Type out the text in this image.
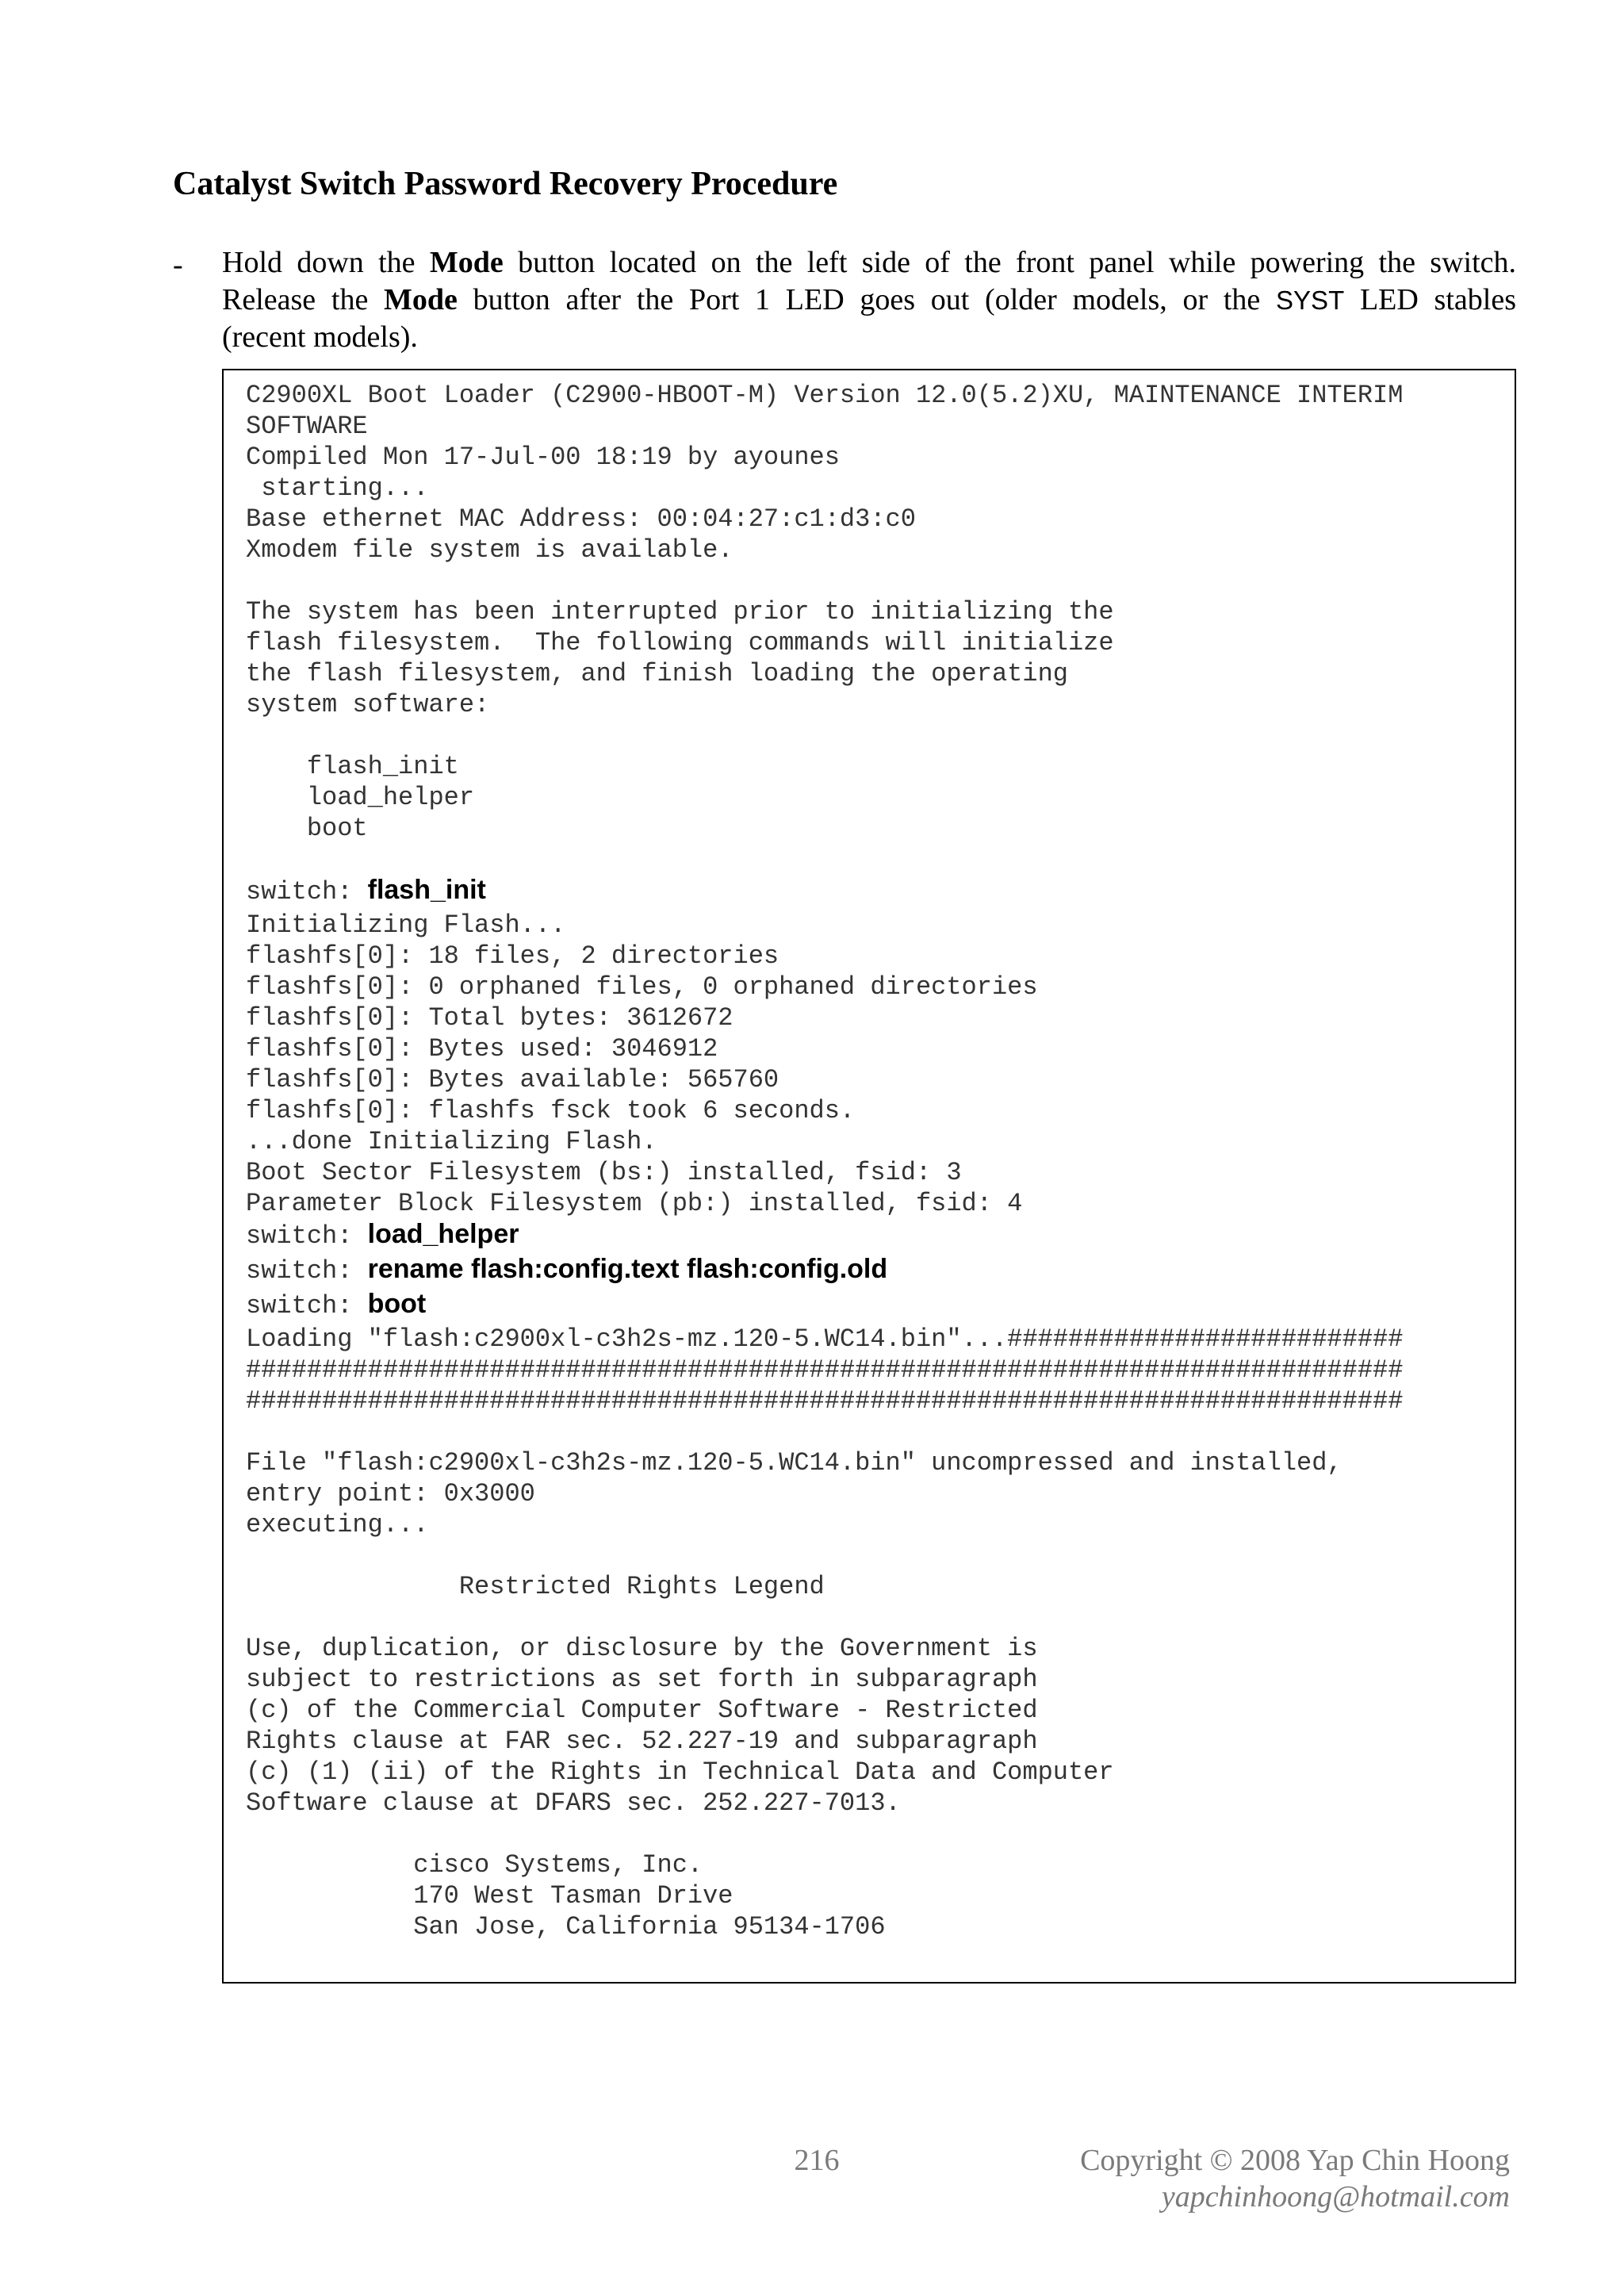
Catalyst Switch Password Recovery Procedure
- Hold down the Mode button located on the left side of the front panel while powering the switch.
Release the Mode button after the Port 1 LED goes out (older models, or the SYST LED stables
(recent models).
C2900XL Boot Loader (C2900-HBOOT-M) Version 12.0(5.2)XU, MAINTENANCE INTERIM
SOFTWARE
Compiled Mon 17-Jul-00 18:19 by ayounes
starting...
Base ethernet MAC Address: 00:04:27:c1:d3:c0
Xmodem file system is available.
The system has been interrupted prior to initializing the
flash filesystem.  The following commands will initialize
the flash filesystem, and finish loading the operating
system software:
flash_init
load_helper
boot
switch: flash_init
Initializing Flash...
flashfs[0]: 18 files, 2 directories
flashfs[0]: 0 orphaned files, 0 orphaned directories
flashfs[0]: Total bytes: 3612672
flashfs[0]: Bytes used: 3046912
flashfs[0]: Bytes available: 565760
flashfs[0]: flashfs fsck took 6 seconds.
...done Initializing Flash.
Boot Sector Filesystem (bs:) installed, fsid: 3
Parameter Block Filesystem (pb:) installed, fsid: 4
switch: load_helper
switch: rename flash:config.text flash:config.old
switch: boot
Loading "flash:c2900xl-c3h2s-mz.120-5.WC14.bin"...##########################
############################################################################
############################################################################
File "flash:c2900xl-c3h2s-mz.120-5.WC14.bin" uncompressed and installed,
entry point: 0x3000
executing...
Restricted Rights Legend
Use, duplication, or disclosure by the Government is
subject to restrictions as set forth in subparagraph
(c) of the Commercial Computer Software - Restricted
Rights clause at FAR sec. 52.227-19 and subparagraph
(c) (1) (ii) of the Rights in Technical Data and Computer
Software clause at DFARS sec. 252.227-7013.
cisco Systems, Inc.
170 West Tasman Drive
San Jose, California 95134-1706
216	Copyright © 2008 Yap Chin Hoong
yapchinhoong@hotmail.com
